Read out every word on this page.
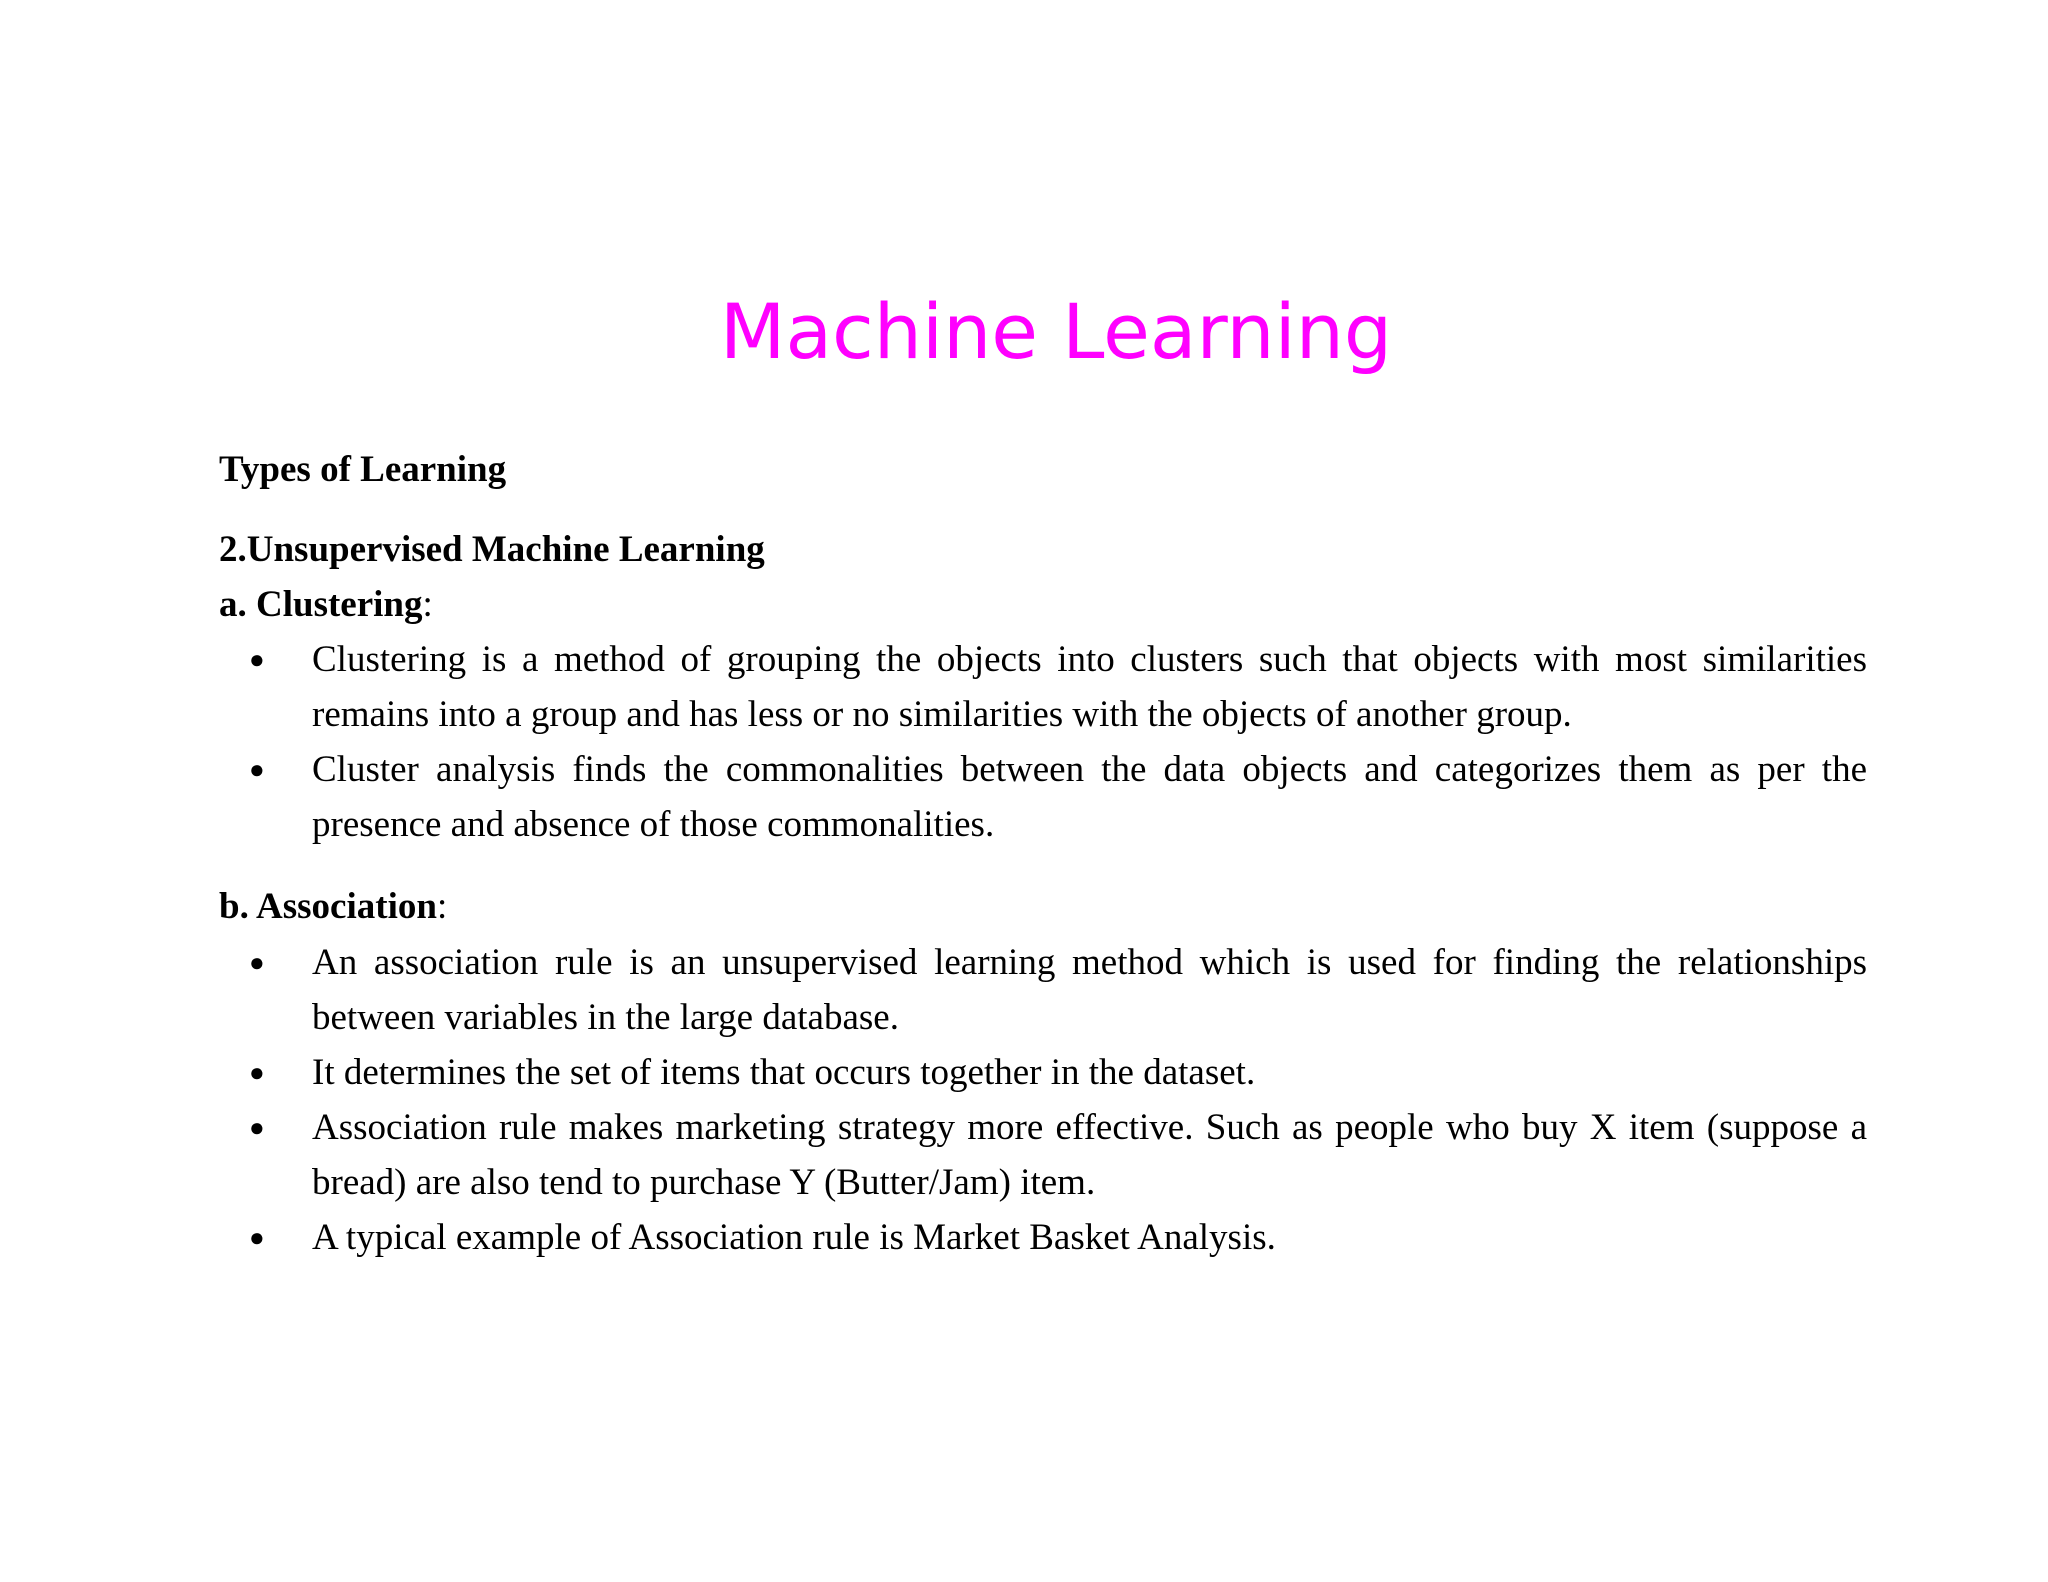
Machine Learning
Types of Learning
2.Unsupervised Machine Learning
a. Clustering:
● Clustering is a method of grouping the objects into clusters such that objects with most similarities remains into a group and has less or no similarities with the objects of another group.
● Cluster analysis finds the commonalities between the data objects and categorizes them as per the presence and absence of those commonalities.
b. Association:
● An association rule is an unsupervised learning method which is used for finding the relationships between variables in the large database.
● It determines the set of items that occurs together in the dataset.
● Association rule makes marketing strategy more effective. Such as people who buy X item (suppose a bread) are also tend to purchase Y (Butter/Jam) item.
● A typical example of Association rule is Market Basket Analysis.
